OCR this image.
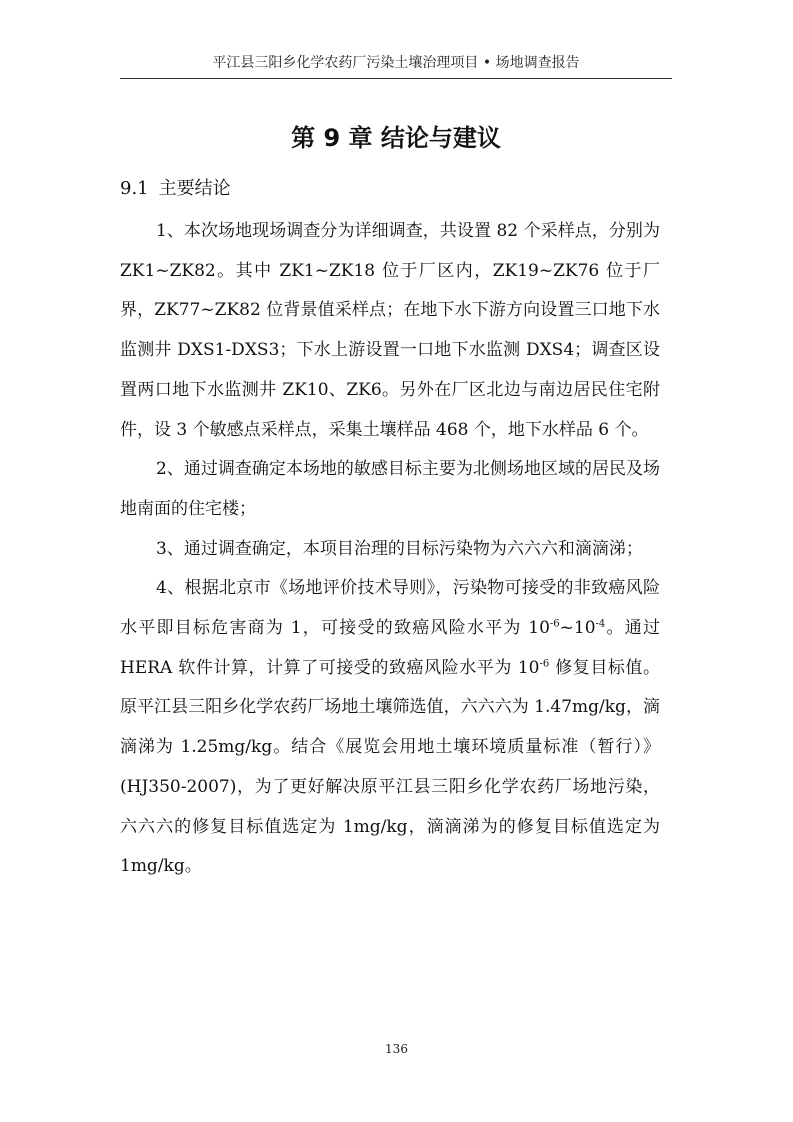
平江县三阳乡化学农药厂污染土壤治理项目 • 场地调查报告
第 9 章 结论与建议
9.1 主要结论

1、本次场地现场调查分为详细调查，共设置 82 个采样点，分别为 ZK1~ZK82。其中 ZK1~ZK18 位于厂区内，ZK19~ZK76 位于厂界，ZK77~ZK82 位背景值采样点；在地下水下游方向设置三口地下水监测井 DXS1-DXS3；下水上游设置一口地下水监测 DXS4；调查区设置两口地下水监测井 ZK10、ZK6。另外在厂区北边与南边居民住宅附件，设 3 个敏感点采样点，采集土壤样品 468 个，地下水样品 6 个。

2、通过调查确定本场地的敏感目标主要为北侧场地区域的居民及场地南面的住宅楼；

3、通过调查确定，本项目治理的目标污染物为六六六和滴滴涕；

4、根据北京市《场地评价技术导则》，污染物可接受的非致癌风险水平即目标危害商为 1，可接受的致癌风险水平为 $10^{-6}\sim 10^{-4}$。通过 HERA 软件计算，计算了可接受的致癌风险水平为 $10^{-6}$ 修复目标值。原平江县三阳乡化学农药厂场地土壤筛选值，六六六为 1.47mg/kg，滴滴涕为 1.25mg/kg。结合《展览会用地土壤环境质量标准（暂行）》(HJ350-2007)，为了更好解决原平江县三阳乡化学农药厂场地污染，六六六的修复目标值选定为 1mg/kg，滴滴涕为的修复目标值选定为 1mg/kg。

136
